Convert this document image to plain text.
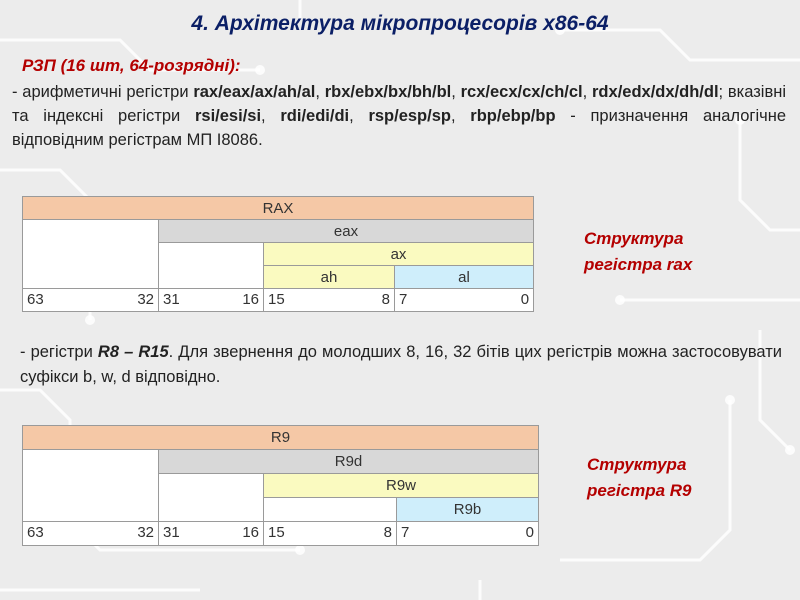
4. Архітектура мікропроцесорів x86-64
РЗП (16 шт, 64-розрядні):
- арифметичні регістри rax/eax/ax/ah/al, rbx/ebx/bx/bh/bl, rcx/ecx/cx/ch/cl, rdx/edx/dx/dh/dl; вказівні та індексні регістри rsi/esi/si, rdi/edi/di, rsp/esp/sp, rbp/ebp/bp - призначення аналогічне відповідним регістрам МП I8086.
RAX			
	eax		
		ax	
		ah	al

63 32	31 16	15 8	7 0
Структура
регістра rax
- регістри R8 – R15. Для звернення до молодших 8, 16, 32 бітів цих регістрів можна застосовувати суфікси b, w, d відповідно.
R9			
	R9d		
		R9w	
			R9b

63 32	31 16	15 8	7 0
Структура
регістра R9
